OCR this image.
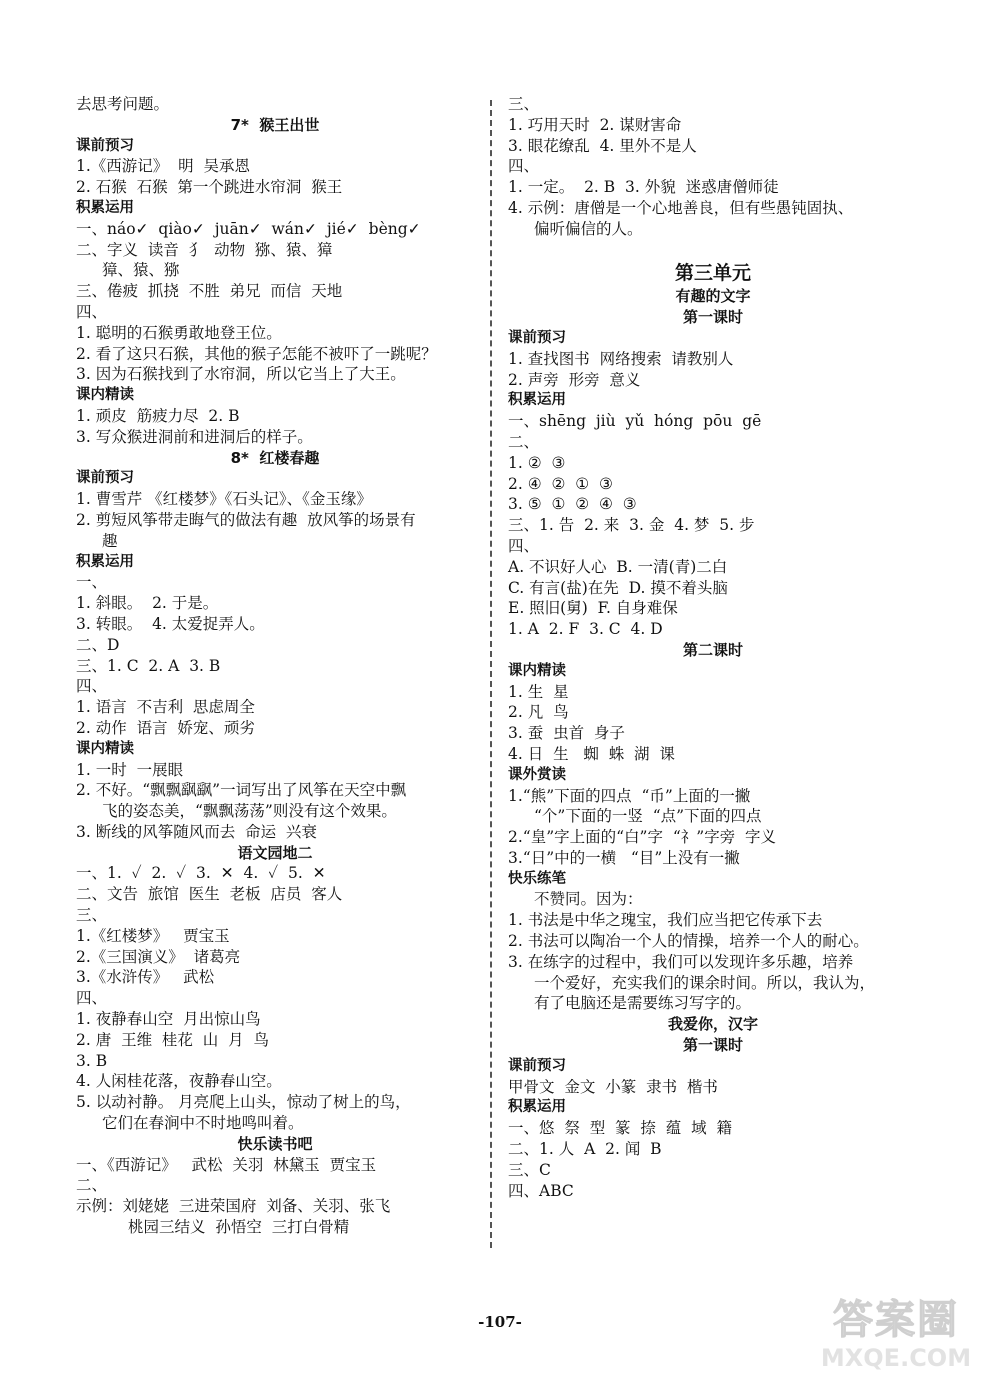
去思考问题。
7*  猴王出世
课前预习
1.《西游记》  明  吴承恩
2. 石猴  石猴  第一个跳进水帘洞  猴王
积累运用
一、náo✓  qiào✓  juān✓  wán✓  jié✓  bèng✓
二、字义  读音  犭  动物  猕、猿、獐
獐、猿、猕
三、倦疲  抓挠  不胜  弟兄  而信  天地
四、
1. 聪明的石猴勇敢地登王位。
2. 看了这只石猴，其他的猴子怎能不被吓了一跳呢？
3. 因为石猴找到了水帘洞，所以它当上了大王。
课内精读
1. 顽皮  筋疲力尽  2. B
3. 写众猴进洞前和进洞后的样子。
8*  红楼春趣
课前预习
1. 曹雪芹 《红楼梦》《石头记》、《金玉缘》
2. 剪短风筝带走晦气的做法有趣  放风筝的场景有
趣
积累运用
一、
1. 斜眼。  2. 于是。
3. 转眼。  4. 太爱捉弄人。
二、D
三、1. C  2. A  3. B
四、
1. 语言  不吉利  思虑周全
2. 动作  语言  娇宠、顽劣
课内精读
1. 一时  一展眼
2. 不好。“飘飘飖飖”一词写出了风筝在天空中飘
飞的姿态美，“飘飘荡荡”则没有这个效果。
3. 断线的风筝随风而去  命运  兴衰
语文园地二
一、1.  ✓  2.  ✓  3.  ✕  4.  ✓  5.  ✕
二、文告  旅馆  医生  老板  店员  客人
三、
1.《红楼梦》   贾宝玉
2.《三国演义》  诸葛亮
3.《水浒传》   武松
四、
1. 夜静春山空  月出惊山鸟
2. 唐  王维  桂花  山  月  鸟
3. B
4. 人闲桂花落，夜静春山空。
5. 以动衬静。 月亮爬上山头，惊动了树上的鸟，
它们在春涧中不时地鸣叫着。
快乐读书吧
一、《西游记》   武松  关羽  林黛玉  贾宝玉
二、
示例：刘姥姥  三进荣国府  刘备、关羽、张飞
桃园三结义  孙悟空  三打白骨精
三、
1. 巧用天时  2. 谋财害命
3. 眼花缭乱  4. 里外不是人
四、
1. 一定。  2. B  3. 外貌  迷惑唐僧师徒
4. 示例：唐僧是一个心地善良，但有些愚钝固执、
偏听偏信的人。
第三单元
有趣的文字
第一课时
课前预习
1. 查找图书  网络搜索  请教别人
2. 声旁  形旁  意义
积累运用
一、shēng  jiù  yǔ  hóng  pōu  gē
二、
1. ②  ③
2. ④  ②  ①  ③
3. ⑤  ①  ②  ④  ③
三、1. 告  2. 来  3. 金  4. 梦  5. 步
四、
A. 不识好人心  B. 一清(青)二白
C. 有言(盐)在先  D. 摸不着头脑
E. 照旧(舅)  F. 自身难保
1. A  2. F  3. C  4. D
第二课时
课内精读
1. 生  星
2. 凡  鸟
3. 蚕  虫首  身子
4. 日  生   蜘  蛛  湖  课
课外赏读
1.“熊”下面的四点  “币”上面的一撇
“个”下面的一竖  “点”下面的四点
2.“皇”字上面的“白”字  “礻”字旁  字义
3.“日”中的一横   “目”上没有一撇
快乐练笔
不赞同。因为：
1. 书法是中华之瑰宝，我们应当把它传承下去
2. 书法可以陶冶一个人的情操，培养一个人的耐心。
3. 在练字的过程中，我们可以发现许多乐趣，培养
一个爱好，充实我们的课余时间。所以，我认为，
有了电脑还是需要练习写字的。
我爱你，汉字
第一课时
课前预习
甲骨文  金文  小篆  隶书  楷书
积累运用
一、悠  祭  型  篆  捺  蕴  域  籍
二、1. 人  A  2. 闻  B
三、C
四、ABC
-107-	答案圈
MXQE.COM
